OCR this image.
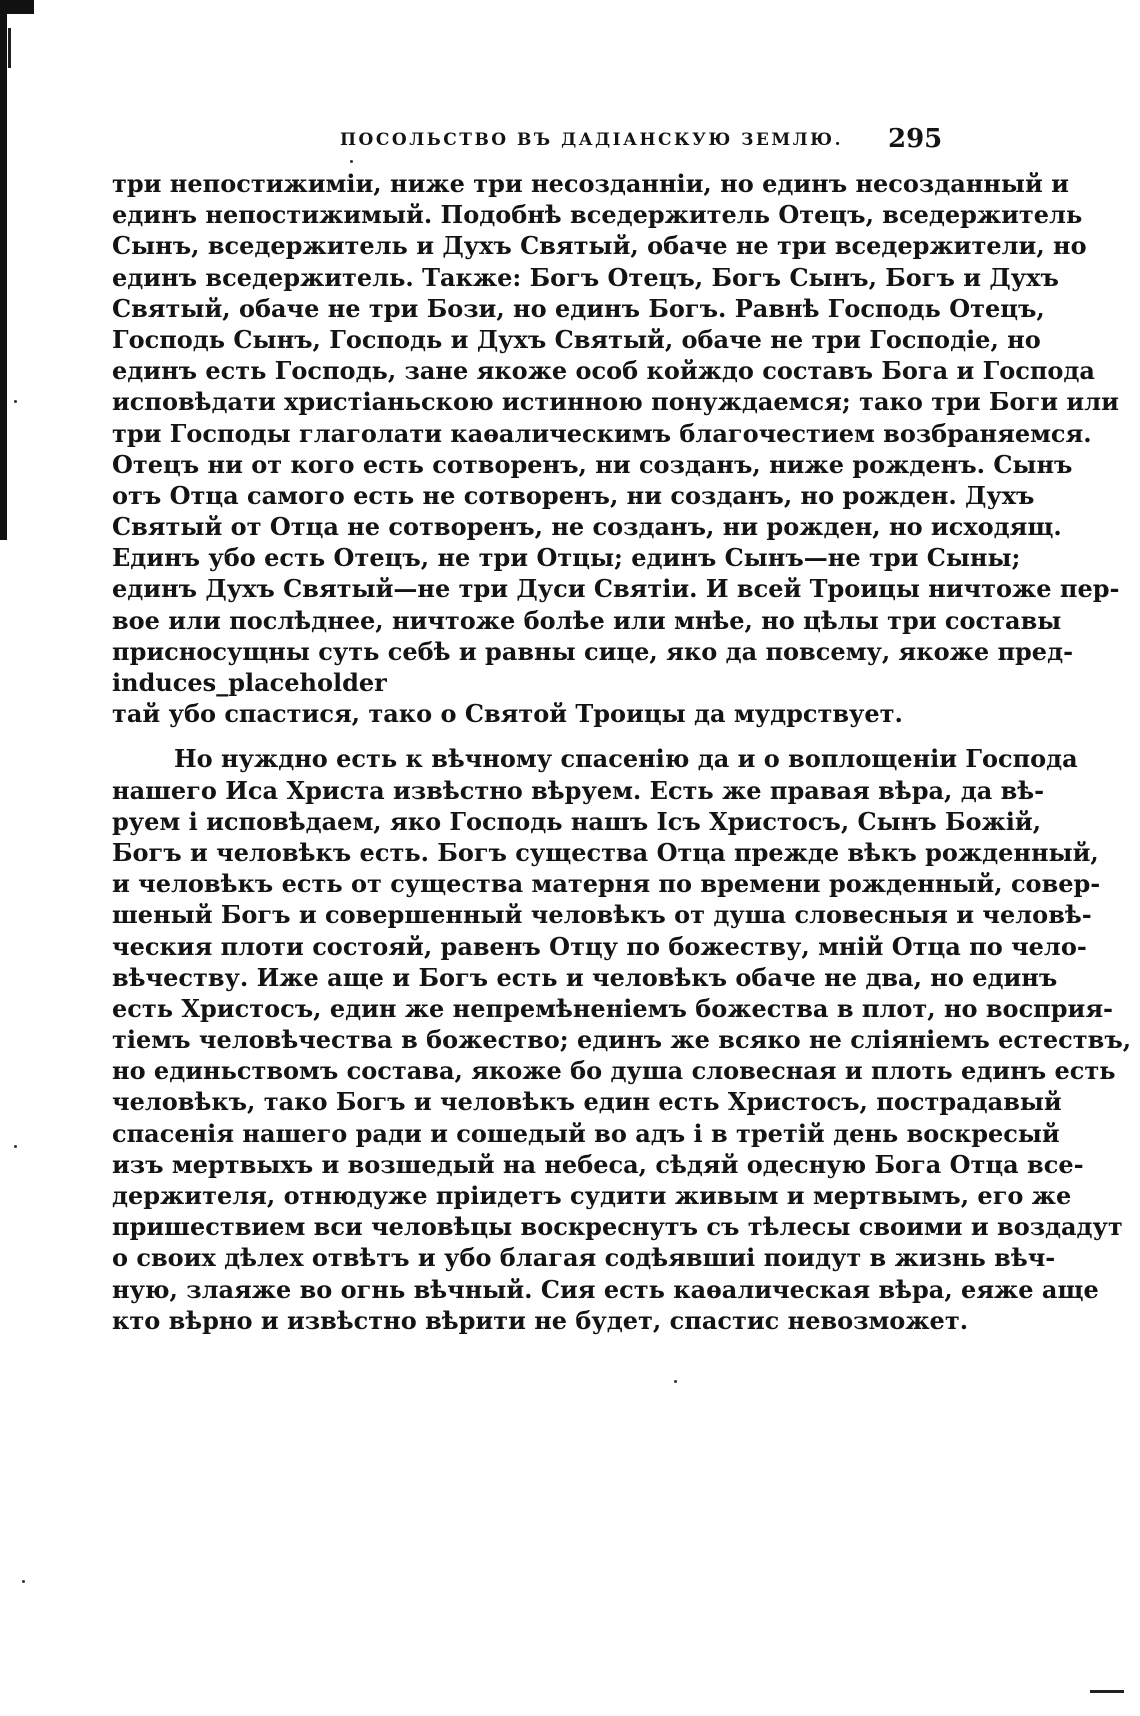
ПОСОЛЬСТВО ВЪ ДАДІАНСКУЮ ЗЕМЛЮ. 295
три непостижиміи, ниже три несозданніи, но единъ несозданный и
единъ непостижимый. Подобнѣ вседержитель Отецъ, вседержитель
Сынъ, вседержитель и Духъ Святый, обаче не три вседержители, но
единъ вседержитель. Также: Богъ Отецъ, Богъ Сынъ, Богъ и Духъ
Святый, обаче не три Бози, но единъ Богъ. Равнѣ Господь Отецъ,
Господь Сынъ, Господь и Духъ Святый, обаче не три Господіе, но
единъ есть Господь, зане якоже особ койждо составъ Бога и Господа
исповѣдати христіаньскою истинною понуждаемся; тако три Боги или
три Господы глаголати каѳалическимъ благочестием возбраняемся.
Отецъ ни от кого есть сотворенъ, ни созданъ, ниже рожденъ. Сынъ
отъ Отца самого есть не сотворенъ, ни созданъ, но рожден. Духъ
Святый от Отца не сотворенъ, не созданъ, ни рожден, но исходящ.
Единъ убо есть Отецъ, не три Отцы; единъ Сынъ—не три Сыны;
единъ Духъ Святый—не три Дуси Святіи. И всей Троицы ничтоже пер-
вое или послѣднее, ничтоже болѣе или мнѣе, но цѣлы три составы
присносущны суть себѣ и равны сице, яко да повсему, якоже пред-
induces_placeholder
тай убо спастися, тако о Святой Троицы да мудрствует.
Но нуждно есть к вѣчному спасенію да и о воплощеніи Господа
нашего Иса Христа извѣстно вѣруем. Есть же правая вѣра, да вѣ-
руем і исповѣдаем, яко Господь нашъ Ісъ Христосъ, Сынъ Божій,
Богъ и человѣкъ есть. Богъ существа Отца прежде вѣкъ рожденный,
и человѣкъ есть от существа матерня по времени рожденный, совер-
шеный Богъ и совершенный человѣкъ от душа словесныя и человѣ-
ческия плоти состояй, равенъ Отцу по божеству, мній Отца по чело-
вѣчеству. Иже аще и Богъ есть и человѣкъ обаче не два, но единъ
есть Христосъ, един же непремѣненіемъ божества в плот, но восприя-
тіемъ человѣчества в божество; единъ же всяко не сліяніемъ естествъ,
но единьствомъ состава, якоже бо душа словесная и плоть единъ есть
человѣкъ, тако Богъ и человѣкъ един есть Христосъ, пострадавый
спасенія нашего ради и сошедый во адъ і в третій день воскресый
изъ мертвыхъ и возшедый на небеса, сѣдяй одесную Бога Отца все-
держителя, отнюдуже пріидетъ судити живым и мертвымъ, его же
пришествием вси человѣцы воскреснутъ съ тѣлесы своими и воздадут
о своих дѣлех отвѣтъ и убо благая содѣявшиі поидут в жизнь вѣч-
ную, злаяже во огнь вѣчный. Сия есть каѳалическая вѣра, еяже аще
кто вѣрно и извѣстно вѣрити не будет, спастис невозможет.
